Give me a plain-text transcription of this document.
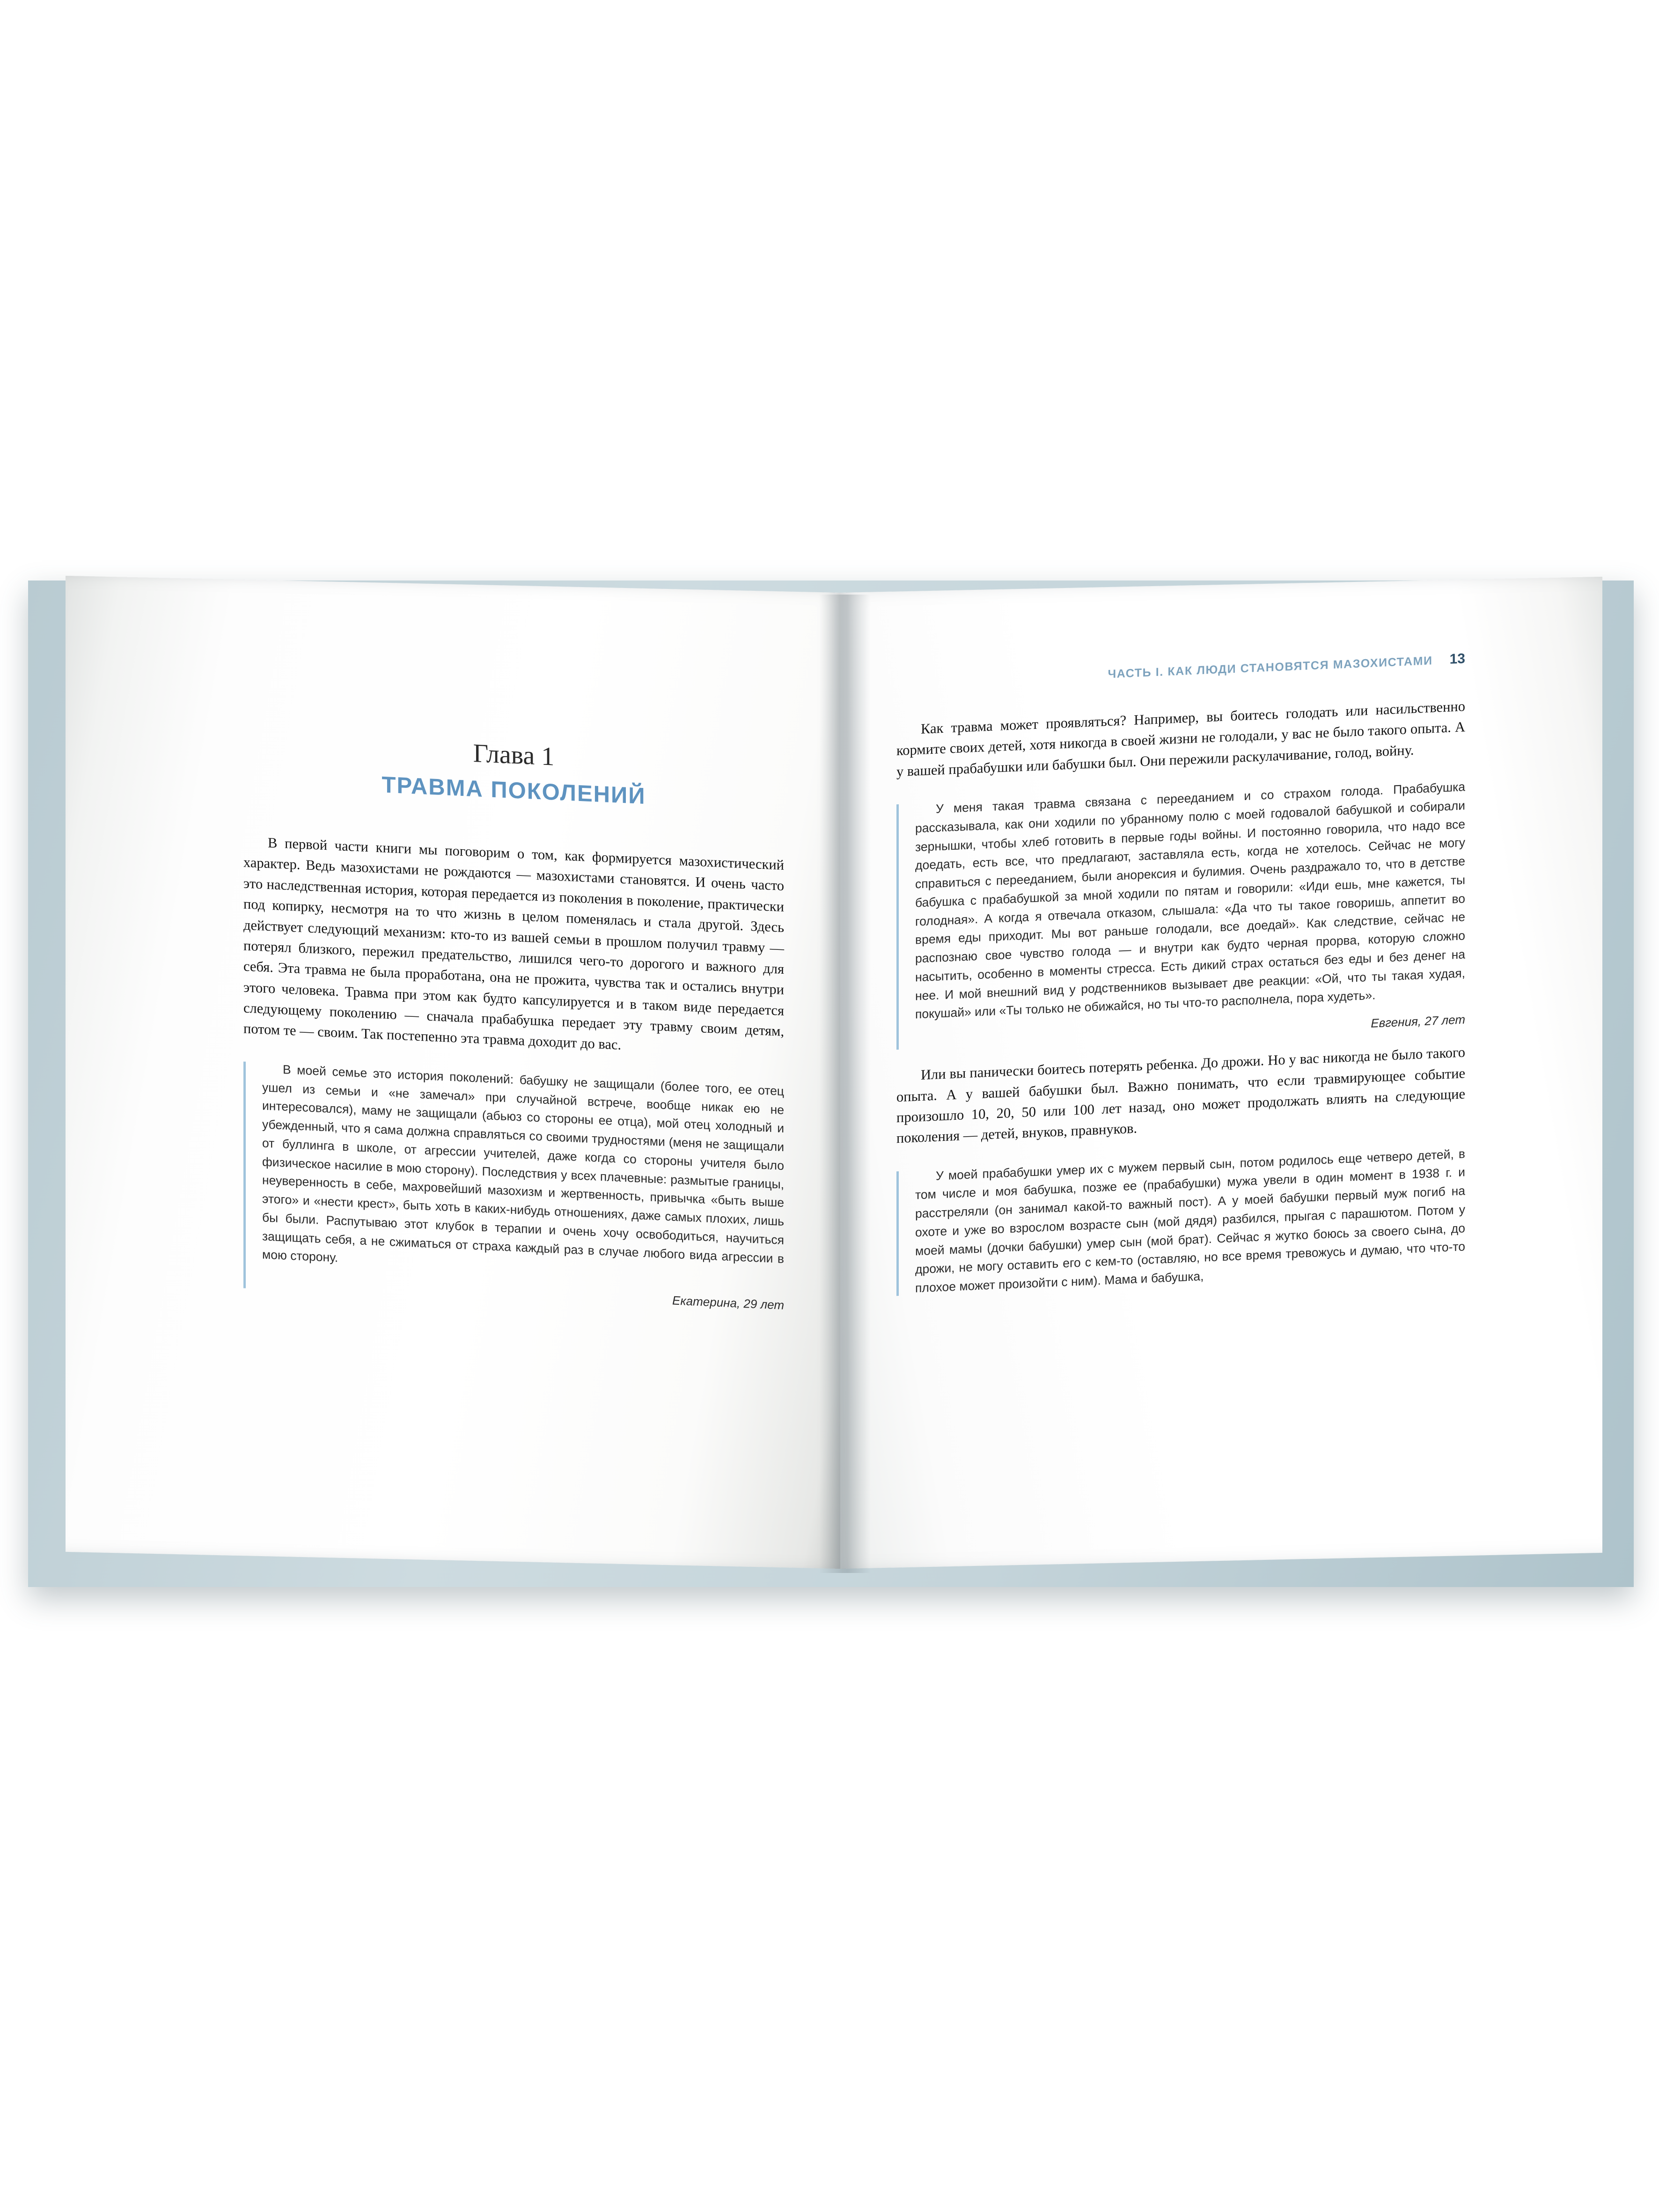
Глава 1
ТРАВМА ПОКОЛЕНИЙ

В первой части книги мы поговорим о том, как формируется мазохистический характер. Ведь мазохистами не рождаются — мазохистами становятся. И очень часто это наследственная история, которая передается из поколения в поколение, практически под копирку, несмотря на то что жизнь в целом поменялась и стала другой. Здесь действует следующий механизм: кто-то из вашей семьи в прошлом получил травму — потерял близкого, пережил предательство, лишился чего-то дорогого и важного для себя. Эта травма не была проработана, она не прожита, чувства так и остались внутри этого человека. Травма при этом как будто капсулируется и в таком виде передается следующему поколению — сначала прабабушка передает эту травму своим детям, потом те — своим. Так постепенно эта травма доходит до вас.

В моей семье это история поколений: бабушку не защищали (более того, ее отец ушел из семьи и «не замечал» при случайной встрече, вообще никак ею не интересовался), маму не защищали (абьюз со стороны ее отца), мой отец холодный и убежденный, что я сама должна справляться со своими трудностями (меня не защищали от буллинга в школе, от агрессии учителей, даже когда со стороны учителя было физическое насилие в мою сторону). Последствия у всех плачевные: размытые границы, неуверенность в себе, махровейший мазохизм и жертвенность, привычка «быть выше этого» и «нести крест», быть хоть в каких-нибудь отношениях, даже самых плохих, лишь бы были. Распутываю этот клубок в терапии и очень хочу освободиться, научиться защищать себя, а не сжиматься от страха каждый раз в случае любого вида агрессии в мою сторону.

Екатерина, 29 лет
ЧАСТЬ I. КАК ЛЮДИ СТАНОВЯТСЯ МАЗОХИСТАМИ 13

Как травма может проявляться? Например, вы боитесь голодать или насильственно кормите своих детей, хотя никогда в своей жизни не голодали, у вас не было такого опыта. А у вашей прабабушки или бабушки был. Они пережили раскулачивание, голод, войну.

У меня такая травма связана с перееданием и со страхом голода. Прабабушка рассказывала, как они ходили по убранному полю с моей годовалой бабушкой и собирали зернышки, чтобы хлеб готовить в первые годы войны. И постоянно говорила, что надо все доедать, есть все, что предлагают, заставляла есть, когда не хотелось. Сейчас не могу справиться с перееданием, были анорексия и булимия. Очень раздражало то, что в детстве бабушка с прабабушкой за мной ходили по пятам и говорили: «Иди ешь, мне кажется, ты голодная». А когда я отвечала отказом, слышала: «Да что ты такое говоришь, аппетит во время еды приходит. Мы вот раньше голодали, все доедай». Как следствие, сейчас не распознаю свое чувство голода — и внутри как будто черная прорва, которую сложно насытить, особенно в моменты стресса. Есть дикий страх остаться без еды и без денег на нее. И мой внешний вид у родственников вызывает две реакции: «Ой, что ты такая худая, покушай» или «Ты только не обижайся, но ты что-то располнела, пора худеть».

Евгения, 27 лет

Или вы панически боитесь потерять ребенка. До дрожи. Но у вас никогда не было такого опыта. А у вашей бабушки был. Важно понимать, что если травмирующее событие произошло 10, 20, 50 или 100 лет назад, оно может продолжать влиять на следующие поколения — детей, внуков, правнуков.

У моей прабабушки умер их с мужем первый сын, потом родилось еще четверо детей, в том числе и моя бабушка, позже ее (прабабушки) мужа увели в один момент в 1938 г. и расстреляли (он занимал какой-то важный пост). А у моей бабушки первый муж погиб на охоте и уже во взрослом возрасте сын (мой дядя) разбился, прыгая с парашютом. Потом у моей мамы (дочки бабушки) умер сын (мой брат). Сейчас я жутко боюсь за своего сына, до дрожи, не могу оставить его с кем-то (оставляю, но все время тревожусь и думаю, что что-то плохое может произойти с ним). Мама и бабушка,
